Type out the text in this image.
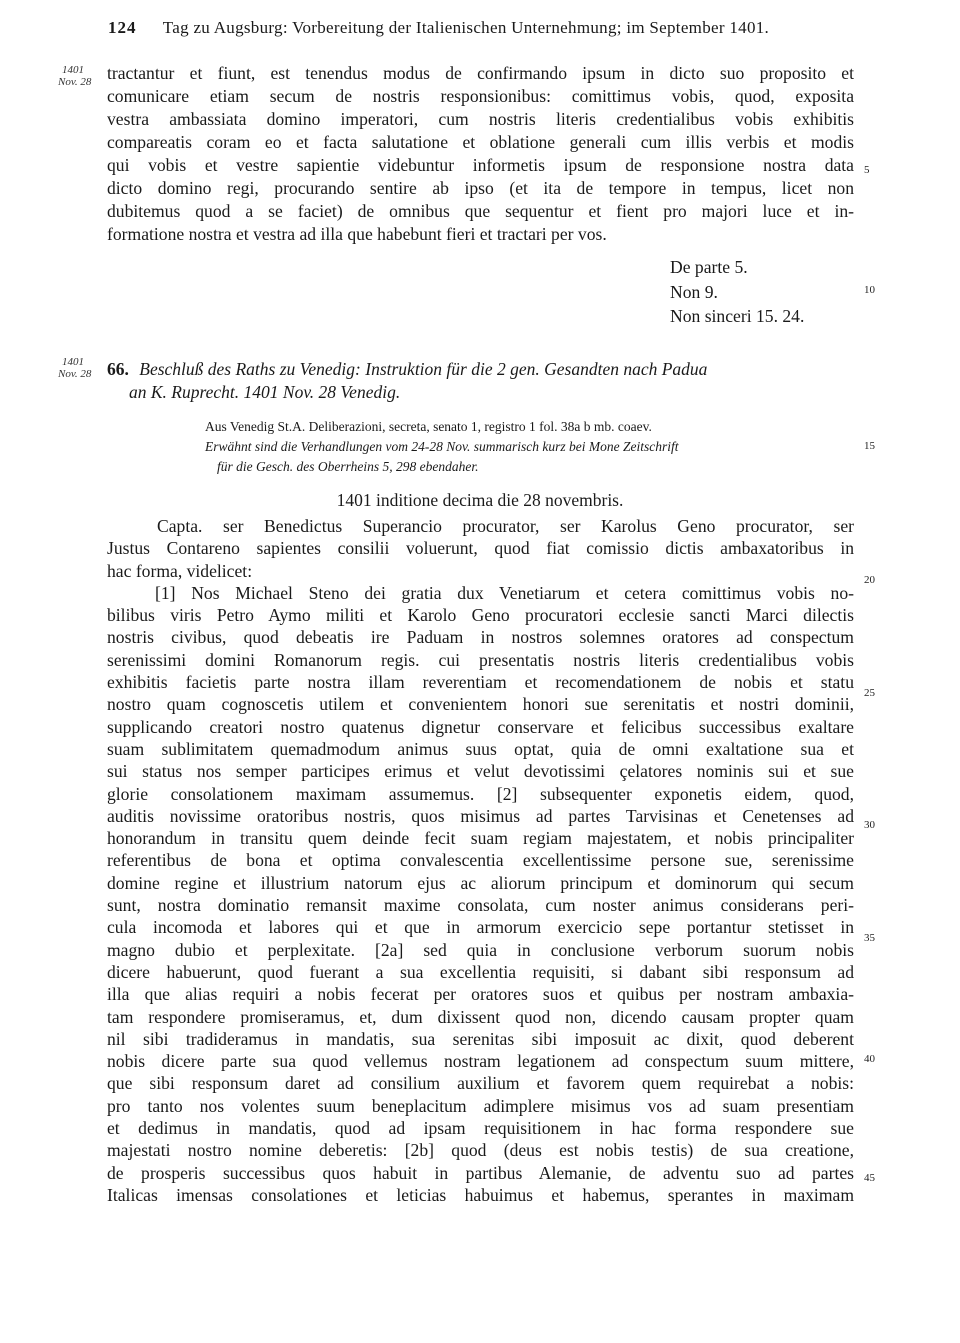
124 Tag zu Augsburg: Vorbereitung der Italienischen Unternehmung; im September 1401.
1401
Nov. 28 tractantur et fiunt, est tenendus modus de confirmando ipsum in dicto suo proposito et
comunicare etiam secum de nostris responsionibus: comittimus vobis, quod, exposita
vestra ambassiata domino imperatori, cum nostris literis credentialibus vobis exhibitis
compareatis coram eo et facta salutatione et oblatione generali cum illis verbis et modis
qui vobis et vestre sapientie videbuntur informetis ipsum de responsione nostra data
dicto domino regi, procurando sentire ab ipso (et ita de tempore in tempus, licet non
dubitemus quod a se faciet) de omnibus que sequentur et fient pro majori luce et in-
formatione nostra et vestra ad illa que habebunt fieri et tractari per vos.
5
De parte 5.
Non 9.
Non sinceri 15. 24.
10
1401
Nov. 28 66. Beschluß des Raths zu Venedig: Instruktion für die 2 gen. Gesandten nach Padua
an K. Ruprecht. 1401 Nov. 28 Venedig.
Aus Venedig St.A. Deliberazioni, secreta, senato 1, registro 1 fol. 38a b mb. coaev.
Erwähnt sind die Verhandlungen vom 24-28 Nov. summarisch kurz bei Mone Zeitschrift	15
für die Gesch. des Oberrheins 5, 298 ebendaher.
1401 inditione decima die 28 novembris.
Capta. ser Benedictus Superancio procurator, ser Karolus Geno procurator, ser
Justus Contareno sapientes consilii voluerunt, quod fiat comissio dictis ambaxatoribus in
hac forma, videlicet:
[1] Nos Michael Steno dei gratia dux Venetiarum et cetera comittimus vobis no-
bilibus viris Petro Aymo militi et Karolo Geno procuratori ecclesie sancti Marci dilectis
nostris civibus, quod debeatis ire Paduam in nostros solemnes oratores ad conspectum
serenissimi domini Romanorum regis. cui presentatis nostris literis credentialibus vobis
exhibitis facietis parte nostra illam reverentiam et recomendationem de nobis et statu
nostro quam cognoscetis utilem et convenientem honori sue serenitatis et nostri dominii,
supplicando creatori nostro quatenus dignetur conservare et felicibus successibus exaltare
suam sublimitatem quemadmodum animus suus optat, quia de omni exaltatione sua et
sui status nos semper participes erimus et velut devotissimi çelatores nominis sui et sue
glorie consolationem maximam assumemus. [2] subsequenter exponetis eidem, quod,
auditis novissime oratoribus nostris, quos misimus ad partes Tarvisinas et Cenetenses ad
honorandum in transitu quem deinde fecit suam regiam majestatem, et nobis principaliter
referentibus de bona et optima convalescentia excellentissime persone sue, serenissime
domine regine et illustrium natorum ejus ac aliorum principum et dominorum qui secum
sunt, nostra dominatio remansit maxime consolata, cum noster animus considerans peri-
cula incomoda et labores qui et que in armorum exercicio sepe portantur stetisset in
magno dubio et perplexitate. [2a] sed quia in conclusione verborum suorum nobis
dicere habuerunt, quod fuerant a sua excellentia requisiti, si dabant sibi responsum ad
illa que alias requiri a nobis fecerat per oratores suos et quibus per nostram ambaxia-
tam respondere promiseramus, et, dum dixissent quod non, dicendo causam propter quam
nil sibi tradideramus in mandatis, sua serenitas sibi imposuit ac dixit, quod deberent
nobis dicere parte sua quod vellemus nostram legationem ad conspectum suum mittere,
que sibi responsum daret ad consilium auxilium et favorem quem requirebat a nobis:
pro tanto nos volentes suum beneplacitum adimplere misimus vos ad suam presentiam
et dedimus in mandatis, quod ad ipsam requisitionem in hac forma respondere sue
majestati nostro nomine deberetis: [2b] quod (deus est nobis testis) de sua creatione,
de prosperis successibus quos habuit in partibus Alemanie, de adventu suo ad partes
Italicas imensas consolationes et leticias habuimus et habemus, sperantes in maximam
20
25
30
35
40
45
